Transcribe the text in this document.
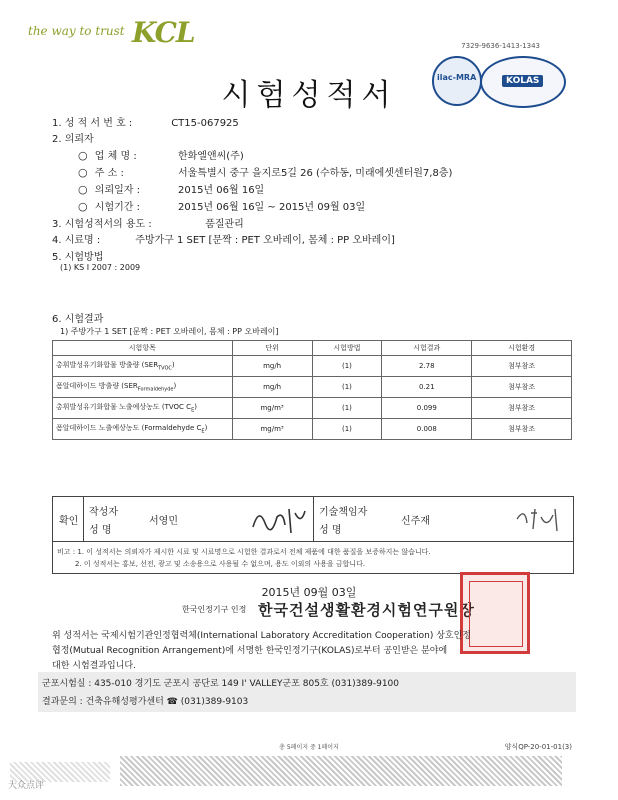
the way to trust KCL	7329-9636-1413-1343
ilac-MRA	KOLAS
시험성적서
1. 성 적 서 번 호 :	CT15-067925
2. 의뢰자
○ 업 체 명 :	한화엘앤씨(주)
○ 주 소 :	서울특별시 중구 을지로5길 26 (수하동, 미래에셋센터원7,8층)
○ 의뢰일자 :	2015년 06월 16일
○ 시험기간 :	2015년 06월 16일 ~ 2015년 09월 03일
3. 시험성적서의 용도 :	품질관리
4. 시료명 :	주방가구 1 SET [문짝 : PET 오바레이, 몸체 : PP 오바레이]
5. 시험방법
(1) KS I 2007 : 2009
6. 시험결과
1) 주방가구 1 SET [문짝 : PET 오바레이, 몸체 : PP 오바레이]
시험항목	단위	시험방법	시험결과	시험환경
총휘발성유기화합물 방출량 $(SER_{TVOC})$	mg/h	(1)	2.78	첨부참조
폼알데하이드 방출량 $(SER_{Formaldehyde})$	mg/h	(1)	0.21	첨부참조
총휘발성유기화합물 노출예상농도 (TVOC $C_E$)	mg/m³	(1)	0.099	첨부참조
폼알데하이드 노출예상농도 (Formaldehyde $C_E$)	mg/m³	(1)	0.008	첨부참조
확인
작성자
성 명
서영민
기술책임자
성 명
신주재
비고 : 1. 이 성적서는 의뢰자가 제시한 시료 및 시료명으로 시험한 결과로서 전체 제품에 대한 품질을 보증하지는 않습니다.
2. 이 성적서는 홍보, 선전, 광고 및 소송용으로 사용될 수 없으며, 용도 이외의 사용을 금합니다.
2015년 09월 03일
한국인정기구 인정 한국건설생활환경시험연구원장
위 성적서는 국제시험기관인정협력체(International Laboratory Accreditation Cooperation) 상호인정
협정(Mutual Recognition Arrangement)에 서명한 한국인정기구(KOLAS)로부터 공인받은 분야에
대한 시험결과입니다.
군포시험실 : 435-010 경기도 군포시 공단로 149 I' VALLEY군포 805호 (031)389-9100
결과문의 : 건축유해성평가센터 ☎ (031)389-9103
총 5페이지 중 1페이지	양식QP-20-01-01(3)
大众点评
